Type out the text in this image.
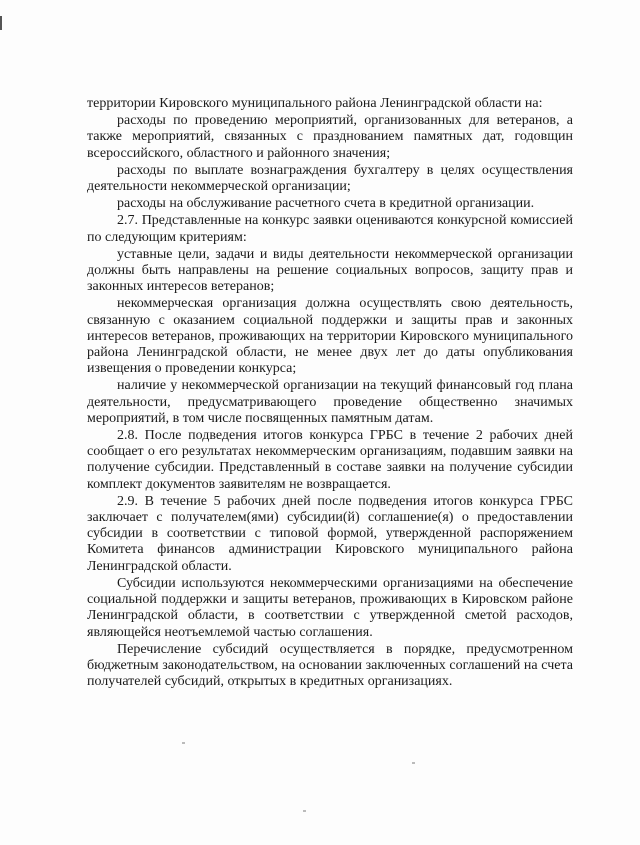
территории Кировского муниципального района Ленинградской области на:

расходы по проведению мероприятий, организованных для ветеранов, а также мероприятий, связанных с празднованием памятных дат, годовщин всероссийского, областного и районного значения;

расходы по выплате вознаграждения бухгалтеру в целях осуществления деятельности некоммерческой организации;

расходы на обслуживание расчетного счета в кредитной организации.

2.7. Представленные на конкурс заявки оцениваются конкурсной комиссией по следующим критериям:

уставные цели, задачи и виды деятельности некоммерческой организации должны быть направлены на решение социальных вопросов, защиту прав и законных интересов ветеранов;

некоммерческая организация должна осуществлять свою деятельность, связанную с оказанием социальной поддержки и защиты прав и законных интересов ветеранов, проживающих на территории Кировского муниципального района Ленинградской области, не менее двух лет до даты опубликования извещения о проведении конкурса;

наличие у некоммерческой организации на текущий финансовый год плана деятельности, предусматривающего проведение общественно значимых мероприятий, в том числе посвященных памятным датам.

2.8. После подведения итогов конкурса ГРБС в течение 2 рабочих дней сообщает о его результатах некоммерческим организациям, подавшим заявки на получение субсидии. Представленный в составе заявки на получение субсидии комплект документов заявителям не возвращается.

2.9. В течение 5 рабочих дней после подведения итогов конкурса ГРБС заключает с получателем(ями) субсидии(й) соглашение(я) о предоставлении субсидии в соответствии с типовой формой, утвержденной распоряжением Комитета финансов администрации Кировского муниципального района Ленинградской области.

Субсидии используются некоммерческими организациями на обеспечение социальной поддержки и защиты ветеранов, проживающих в Кировском районе Ленинградской области, в соответствии с утвержденной сметой расходов, являющейся неотъемлемой частью соглашения.

Перечисление субсидий осуществляется в порядке, предусмотренном бюджетным законодательством, на основании заключенных соглашений на счета получателей субсидий, открытых в кредитных организациях.
